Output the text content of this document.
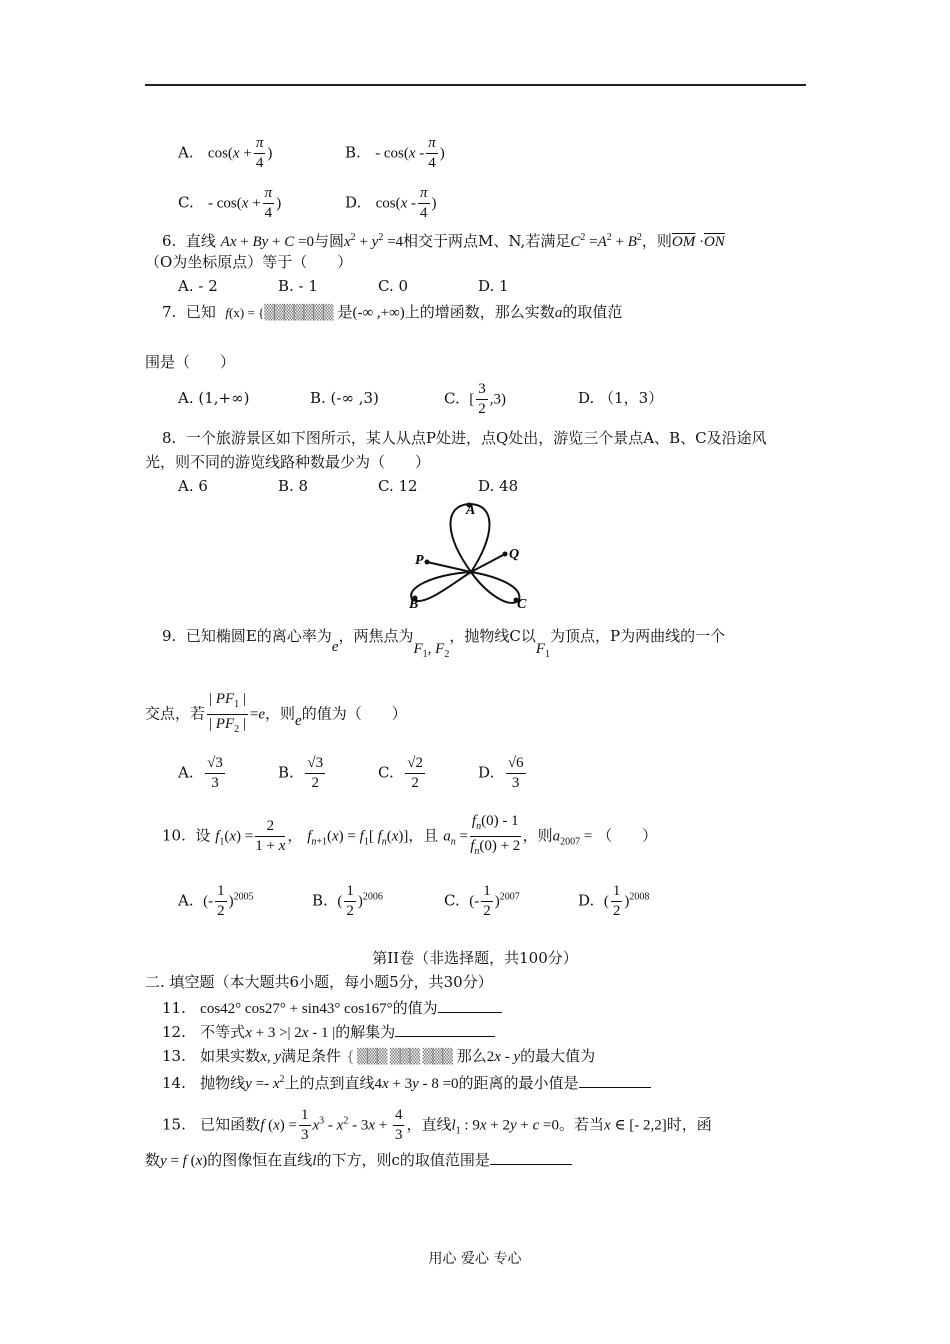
A. $\cos(x + \frac{\pi}{4}$ )	B. - $\cos(x - \frac{\pi}{4}$ )
C. - $\cos(x + \frac{\pi}{4}$ )	D. $\cos(x - \frac{\pi}{4}$ )
6. 直线 Ax + By + C =0与圆$x^2 + y^2 =4$相交于两点M、N,若满足$C^2 =A^2 + B^2$，则$\overline{OM} \cdot\overline{ON}$
（O为坐标原点）等于（　　）
A. - 2	B. - 1	C. 0	D. 1
7. 已知 f(x) = {▒▒▒▒▒▒▒ 是(-∞ ,+∞)上的增函数，那么实数a的取值范
围是（　　）
A. (1,+∞)	B. (-∞ ,3)	C. [ $\frac{3}{2} ,3$)	D. （1，3）
8. 一个旅游景区如下图所示，某人从点P处进，点Q处出，游览三个景点A、B、C及沿途风
光，则不同的游览线路种数最少为（　　）
A. 6	B. 8	C. 12	D. 48
A
P	Q
B	C
9. 已知椭圆E的离心率为e，两焦点为$F_1$, $F_2$，抛物线C以$F_1$为顶点，P为两曲线的一个
交点，若 $\frac{| PF_1 |}{| PF_2 |} =e$，则e的值为（　　）
A. $\frac{√3}{3}$	B. $\frac{√3}{2}$	C. $\frac{√2}{2}$	D. $\frac{√6}{3}$
10. 设 $f_1(x) = \frac{2}{1 + x}$ ， $f_{n+1}(x) = f_1$[ $f_n(x)$]，且 $a_n = \frac{f_n(0) - 1}{f_n(0) + 2}$ ，则$a_{2007}$ = （　　）
A. (- $\frac{1}{2} )^{2005}$	B. ( $\frac{1}{2} )^{2006}$	C. (- $\frac{1}{2} )^{2007}$	D. ( $\frac{1}{2} )^{2008}$
第II卷（非选择题，共100分）
二. 填空题（本大题共6小题，每小题5分，共30分）
11. cos42° cos27° + sin43° cos167°的值为
12. 不等式x + 3 >| 2x - 1 |的解集为
13. 如果实数x, y满足条件 { ▒▒▒ ▒▒▒ ▒▒▒ 那么2x - y的最大值为
14. 抛物线$y =- x^2$上的点到直线4x + 3y - 8 =0的距离的最小值是
15. 已知函数f $(x) = \frac{1}{3} x^3 - x^2 - 3x + \frac{4}{3}$ ，直线$l_1$ : 9x + 2y + c =0。若当x ∈ [- 2,2]时，函
数y = f (x)的图像恒在直线l的下方，则c的取值范围是
用心 爱心 专心
